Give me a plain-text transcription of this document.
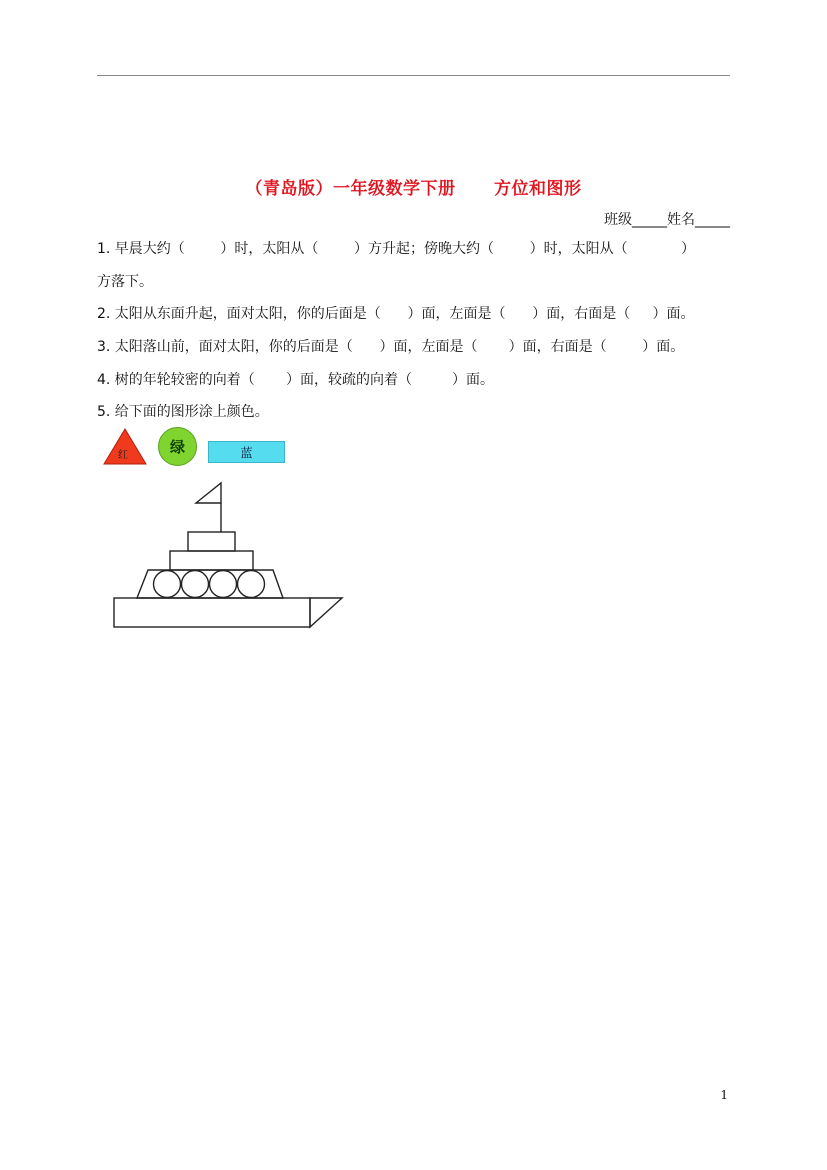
（青岛版）一年级数学下册      方位和图形
班级_____姓名_____
1. 早晨大约（        ）时，太阳从（        ）方升起；傍晚大约（        ）时，太阳从（            ）
方落下。
2. 太阳从东面升起，面对太阳，你的后面是（      ）面，左面是（      ）面，右面是（     ）面。
3. 太阳落山前，面对太阳，你的后面是（      ）面，左面是（       ）面，右面是（        ）面。
4. 树的年轮较密的向着（       ）面，较疏的向着（         ）面。
5. 给下面的图形涂上颜色。
红	绿	蓝
1
